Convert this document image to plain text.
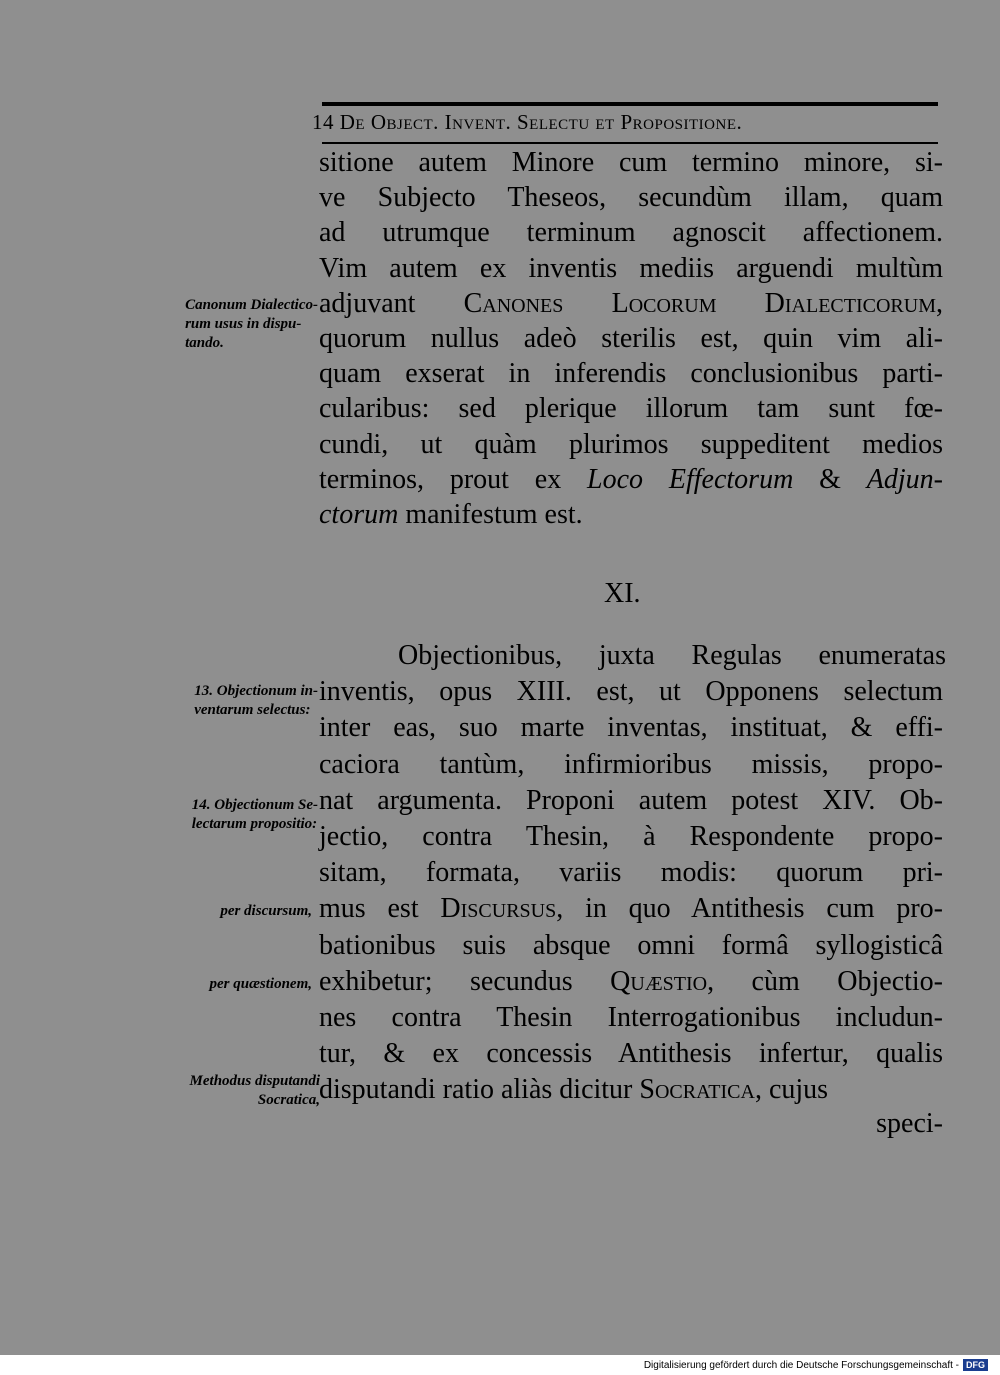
14 De Object. Invent. Selectu et Propositione.
sitione autem Minore cum termino minore, si-
ve Subjecto Theseos, secundùm illam, quam
ad utrumque terminum agnoscit affectionem.
Vim autem ex inventis mediis arguendi multùm
adjuvant Canones Locorum Dialecticorum,
quorum nullus adeò sterilis est, quin vim ali-
quam exserat in inferendis conclusionibus parti-
cularibus: sed plerique illorum tam sunt fœ-
cundi, ut quàm plurimos suppeditent medios
terminos, prout ex Loco Effectorum & Adjun-
ctorum manifestum est.
XI.
Objectionibus, juxta Regulas enumeratas
inventis, opus XIII. est, ut Opponens selectum
inter eas, suo marte inventas, instituat, & effi-
caciora tantùm, infirmioribus missis, propo-
nat argumenta. Proponi autem potest XIV. Ob-
jectio, contra Thesin, à Respondente propo-
sitam, formata, variis modis: quorum pri-
mus est Discursus, in quo Antithesis cum pro-
bationibus suis absque omni formâ syllogisticâ
exhibetur; secundus Quæstio, cùm Objectio-
nes contra Thesin Interrogationibus includun-
tur, & ex concessis Antithesis infertur, qualis
disputandi ratio aliàs dicitur Socratica, cujus
speci-
Canonum Dialectico-
rum usus in dispu-
tando.
13. Objectionum in-
ventarum selectus:
14. Objectionum Se-
lectarum propositio:
per discursum,
per quæstionem,
Methodus disputandi
Socratica,
Digitalisierung gefördert durch die Deutsche Forschungsgemeinschaft - DFG
